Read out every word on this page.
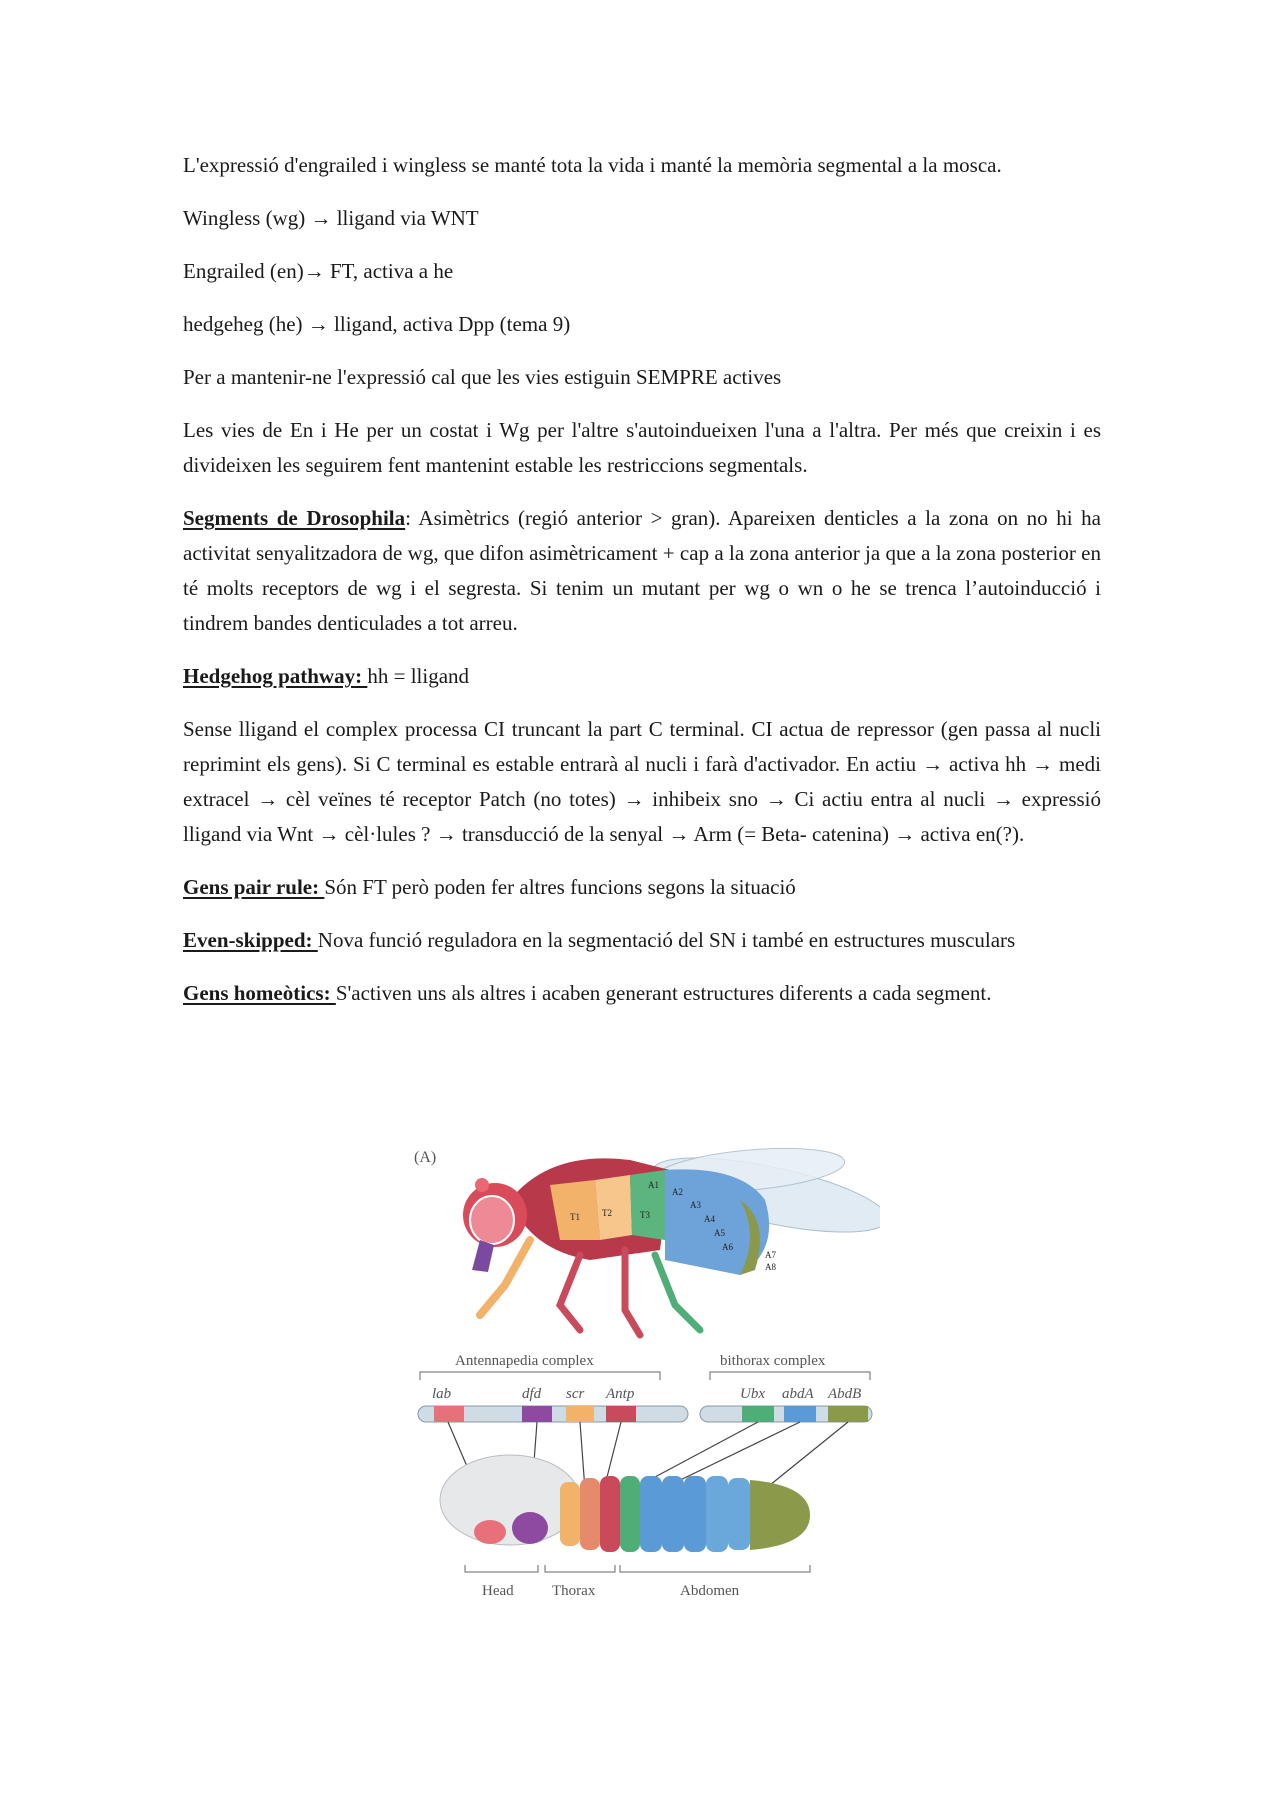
L'expressió d'engrailed i wingless se manté tota la vida i manté la memòria segmental a la mosca.

Wingless (wg) → lligand via WNT

Engrailed (en)→ FT, activa a he

hedgeheg (he) → lligand, activa Dpp (tema 9)

Per a mantenir-ne l'expressió cal que les vies estiguin SEMPRE actives

Les vies de En i He per un costat i Wg per l'altre s'autoindueixen l'una a l'altra. Per més que creixin i es divideixen les seguirem fent mantenint estable les restriccions segmentals.

Segments de Drosophila: Asimètrics (regió anterior > gran). Apareixen denticles a la zona on no hi ha activitat senyalitzadora de wg, que difon asimètricament + cap a la zona anterior ja que a la zona posterior en té molts receptors de wg i el segresta. Si tenim un mutant per wg o wn o he se trenca l’autoinducció i tindrem bandes denticulades a tot arreu.

Hedgehog pathway: hh = lligand

Sense lligand el complex processa CI truncant la part C terminal. CI actua de repressor (gen passa al nucli reprimint els gens). Si C terminal es estable entrarà al nucli i farà d'activador. En actiu → activa hh → medi extracel → cèl veïnes té receptor Patch (no totes) → inhibeix sno → Ci actiu entra al nucli → expressió lligand via Wnt → cèl·lules ? → transducció de la senyal → Arm (= Beta- catenina) → activa en(?).

Gens pair rule: Són FT però poden fer altres funcions segons la situació

Even-skipped: Nova funció reguladora en la segmentació del SN i també en estructures musculars

Gens homeòtics: S'activen uns als altres i acaben generant estructures diferents a cada segment.

(A)
T1 T2	T3
A1
A2
A3
A4
A5
A6
A7
A8
Antennapedia complex	bithorax complex
lab	dfd scr Antp	Ubx abdA AbdB
Head	Thorax	Abdomen
